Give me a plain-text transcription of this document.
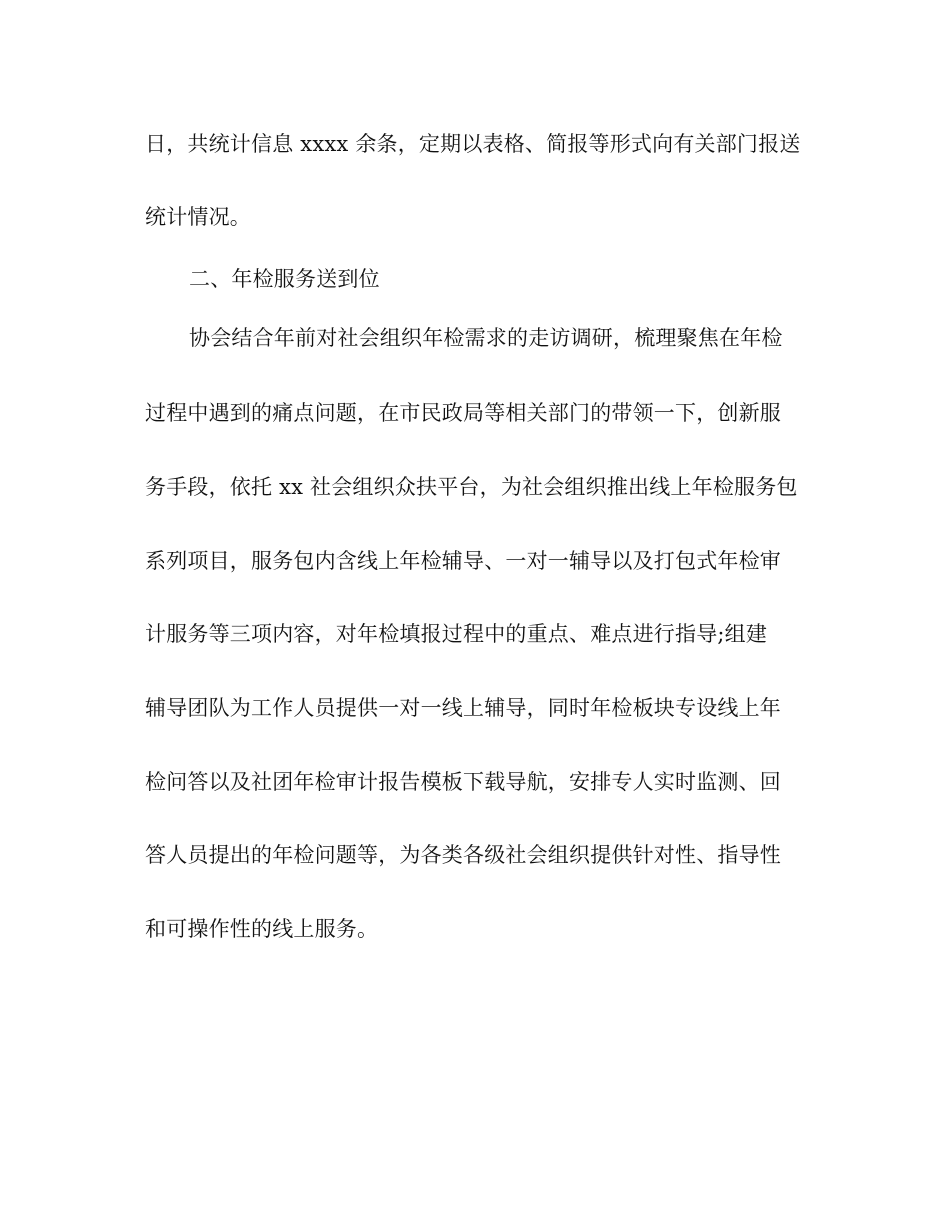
日，共统计信息 xxxx 余条，定期以表格、简报等形式向有关部门报送

统计情况。

二、年检服务送到位

协会结合年前对社会组织年检需求的走访调研，梳理聚焦在年检

过程中遇到的痛点问题，在市民政局等相关部门的带领一下，创新服

务手段，依托 xx 社会组织众扶平台，为社会组织推出线上年检服务包

系列项目，服务包内含线上年检辅导、一对一辅导以及打包式年检审

计服务等三项内容，对年检填报过程中的重点、难点进行指导;组建

辅导团队为工作人员提供一对一线上辅导，同时年检板块专设线上年

检问答以及社团年检审计报告模板下载导航，安排专人实时监测、回

答人员提出的年检问题等，为各类各级社会组织提供针对性、指导性

和可操作性的线上服务。
